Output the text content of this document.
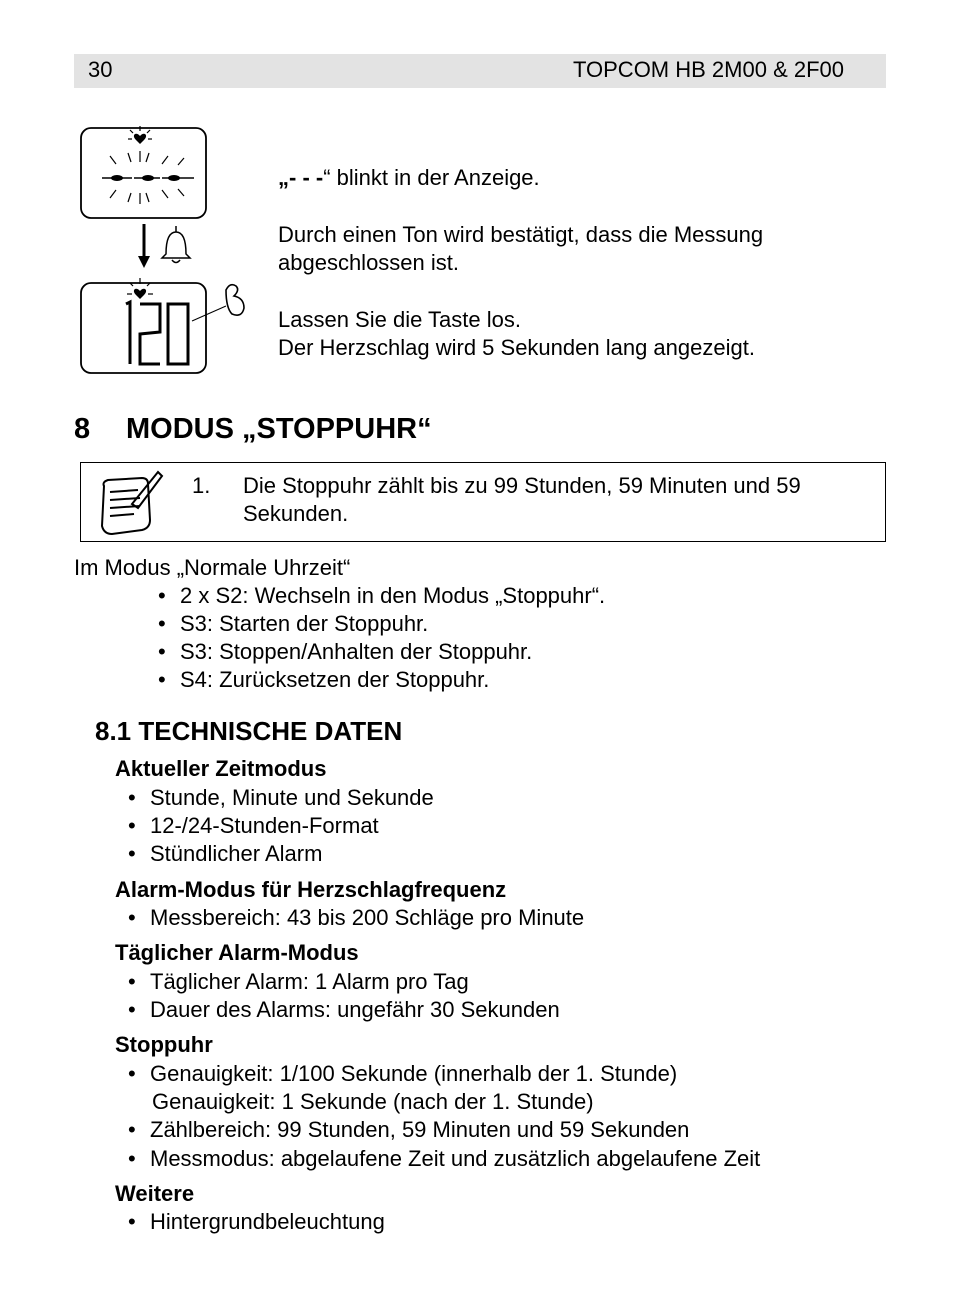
30	TOPCOM HB 2M00 & 2F00
„- - -“ blinkt in der Anzeige.
Durch einen Ton wird bestätigt, dass die Messung
abgeschlossen ist.
Lassen Sie die Taste los.
Der Herzschlag wird 5 Sekunden lang angezeigt.
8 MODUS „STOPPUHR“
1. Die Stoppuhr zählt bis zu 99 Stunden, 59 Minuten und 59
Sekunden.
Im Modus „Normale Uhrzeit“
• 2 x S2: Wechseln in den Modus „Stoppuhr“.
• S3: Starten der Stoppuhr.
• S3: Stoppen/Anhalten der Stoppuhr.
• S4: Zurücksetzen der Stoppuhr.
8.1 TECHNISCHE DATEN
Aktueller Zeitmodus
• Stunde, Minute und Sekunde
• 12-/24-Stunden-Format
• Stündlicher Alarm
Alarm-Modus für Herzschlagfrequenz
• Messbereich: 43 bis 200 Schläge pro Minute
Täglicher Alarm-Modus
• Täglicher Alarm: 1 Alarm pro Tag
• Dauer des Alarms: ungefähr 30 Sekunden
Stoppuhr
• Genauigkeit: 1/100 Sekunde (innerhalb der 1. Stunde)
Genauigkeit: 1 Sekunde (nach der 1. Stunde)
• Zählbereich: 99 Stunden, 59 Minuten und 59 Sekunden
• Messmodus: abgelaufene Zeit und zusätzlich abgelaufene Zeit
Weitere
• Hintergrundbeleuchtung
